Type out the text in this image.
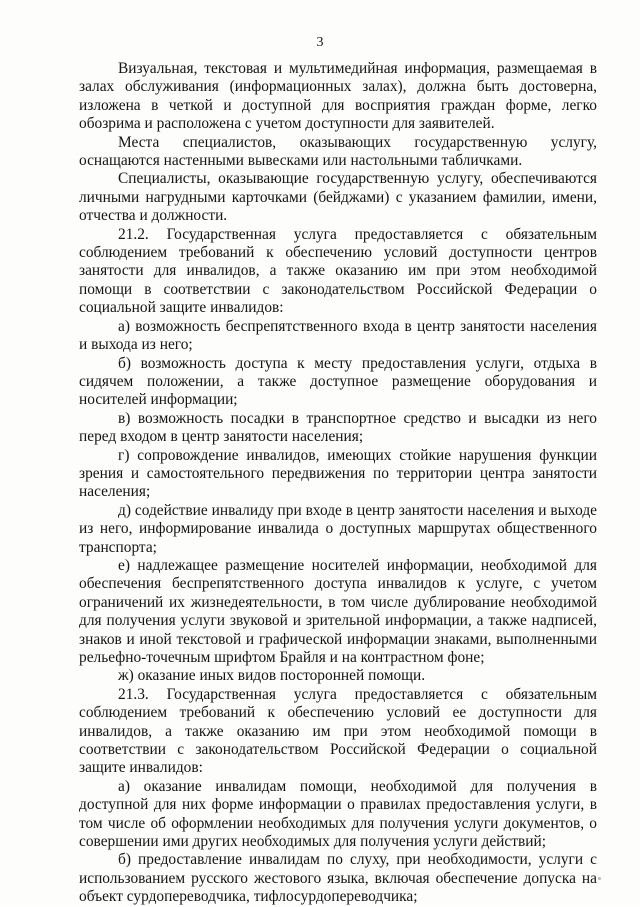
3

Визуальная, текстовая и мультимедийная информация, размещаемая в залах обслуживания (информационных залах), должна быть достоверна, изложена в четкой и доступной для восприятия граждан форме, легко обозрима и расположена с учетом доступности для заявителей.

Места специалистов, оказывающих государственную услугу, оснащаются настенными вывесками или настольными табличками.

Специалисты, оказывающие государственную услугу, обеспечиваются личными нагрудными карточками (бейджами) с указанием фамилии, имени, отчества и должности.

21.2. Государственная услуга предоставляется с обязательным соблюдением требований к обеспечению условий доступности центров занятости для инвалидов, а также оказанию им при этом необходимой помощи в соответствии с законодательством Российской Федерации о социальной защите инвалидов:

а) возможность беспрепятственного входа в центр занятости населения и выхода из него;

б) возможность доступа к месту предоставления услуги, отдыха в сидячем положении, а также доступное размещение оборудования и носителей информации;

в) возможность посадки в транспортное средство и высадки из него перед входом в центр занятости населения;

г) сопровождение инвалидов, имеющих стойкие нарушения функции зрения и самостоятельного передвижения по территории центра занятости населения;

д) содействие инвалиду при входе в центр занятости населения и выходе из него, информирование инвалида о доступных маршрутах общественного транспорта;

е) надлежащее размещение носителей информации, необходимой для обеспечения беспрепятственного доступа инвалидов к услуге, с учетом ограничений их жизнедеятельности, в том числе дублирование необходимой для получения услуги звуковой и зрительной информации, а также надписей, знаков и иной текстовой и графической информации знаками, выполненными рельефно-точечным шрифтом Брайля и на контрастном фоне;

ж) оказание иных видов посторонней помощи.

21.3. Государственная услуга предоставляется с обязательным соблюдением требований к обеспечению условий ее доступности для инвалидов, а также оказанию им при этом необходимой помощи в соответствии с законодательством Российской Федерации о социальной защите инвалидов:

а) оказание инвалидам помощи, необходимой для получения в доступной для них форме информации о правилах предоставления услуги, в том числе об оформлении необходимых для получения услуги документов, о совершении ими других необходимых для получения услуги действий;

б) предоставление инвалидам по слуху, при необходимости, услуги с использованием русского жестового языка, включая обеспечение допуска на объект сурдопереводчика, тифлосурдопереводчика;
